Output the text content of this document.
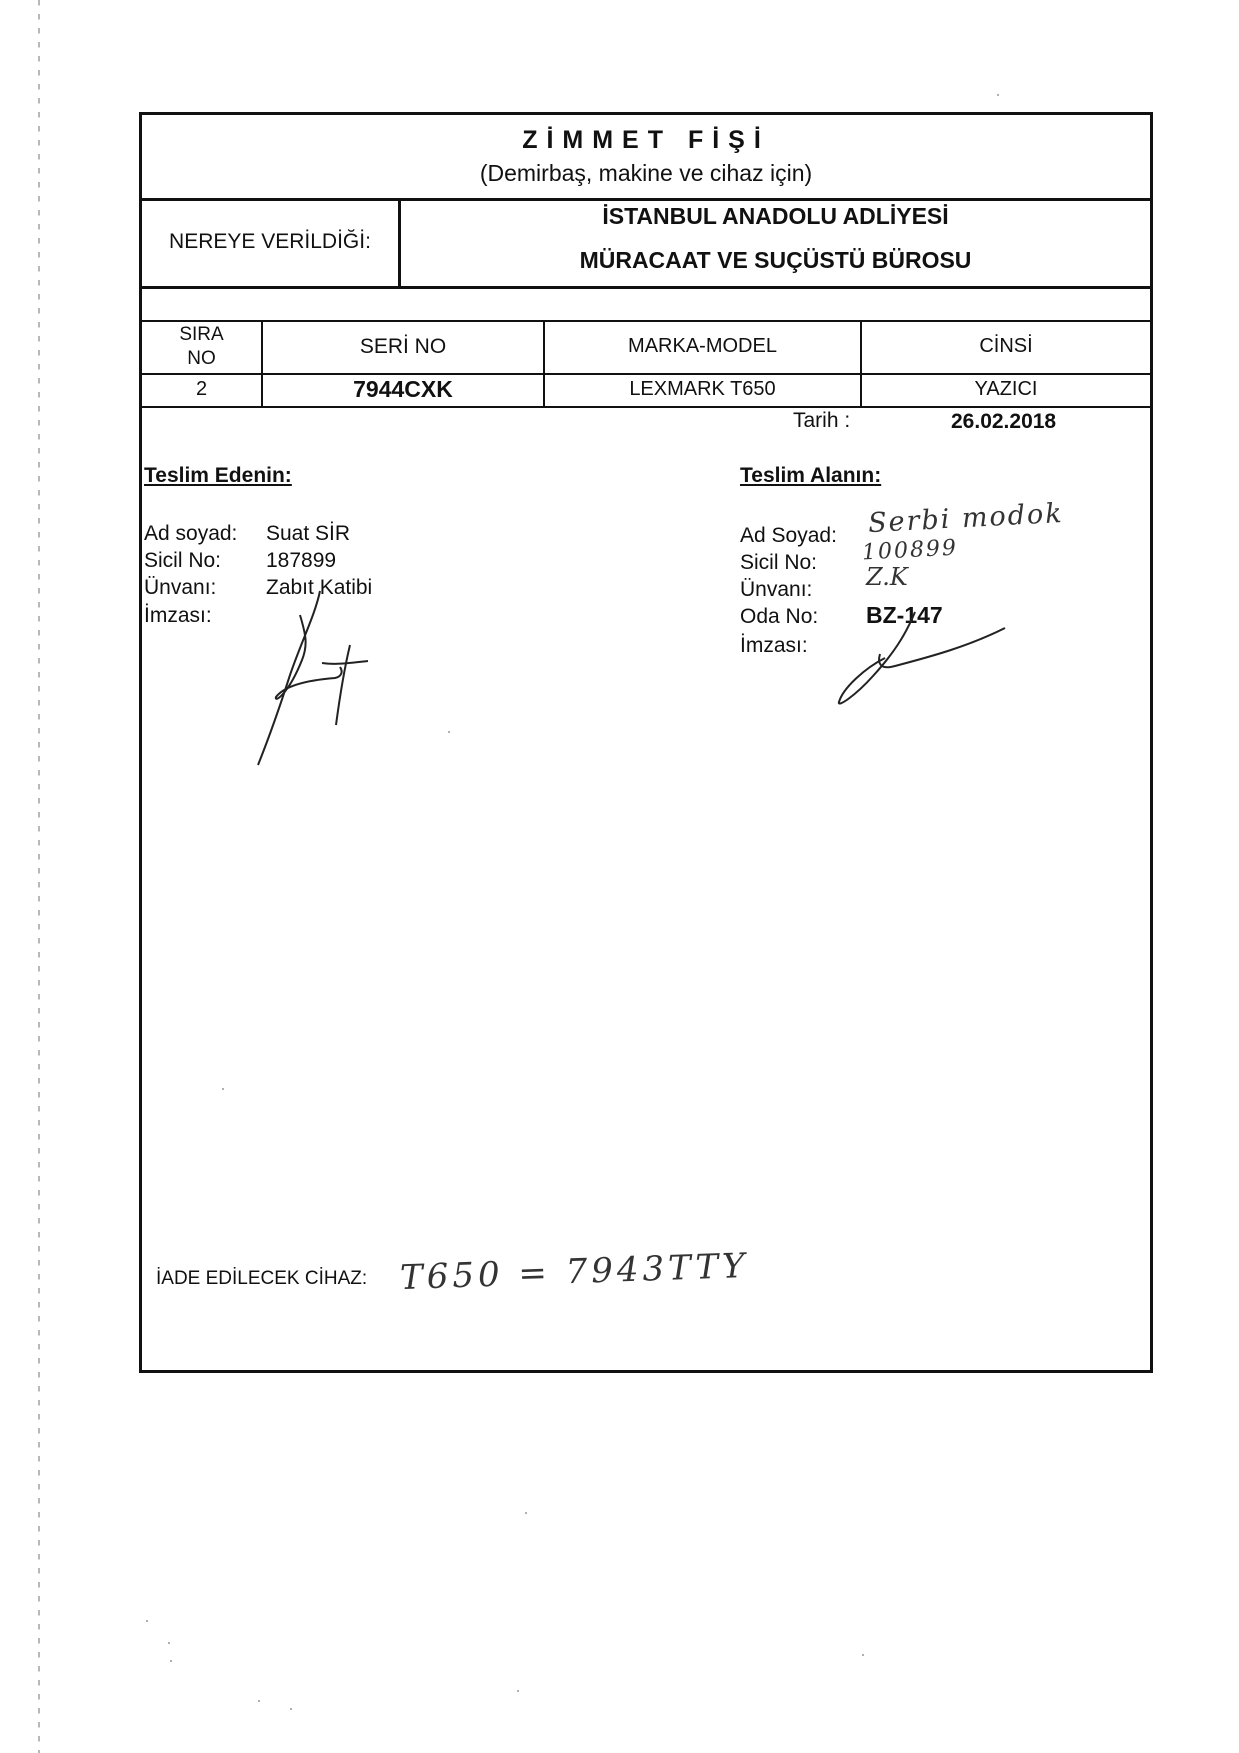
ZİMMET FİŞİ
(Demirbaş, makine ve cihaz için)
NEREYE VERİLDİĞİ:
İSTANBUL ANADOLU ADLİYESİ
MÜRACAAT VE SUÇÜSTÜ BÜROSU
SIRA
NO
SERİ NO	MARKA-MODEL	CİNSİ
2	7944CXK	LEXMARK T650	YAZICI
Tarih :	26.02.2018
Teslim Edenin:
Ad soyad: Suat SİR
Sicil No: 187899
Ünvanı: Zabıt Katibi
İmzası:
Teslim Alanın:
Ad Soyad: Serbi modok
Sicil No: 100899
Ünvanı: Z.K
Oda No: BZ-147
İmzası:
İADE EDİLECEK CİHAZ: T650 = 7943TTY
